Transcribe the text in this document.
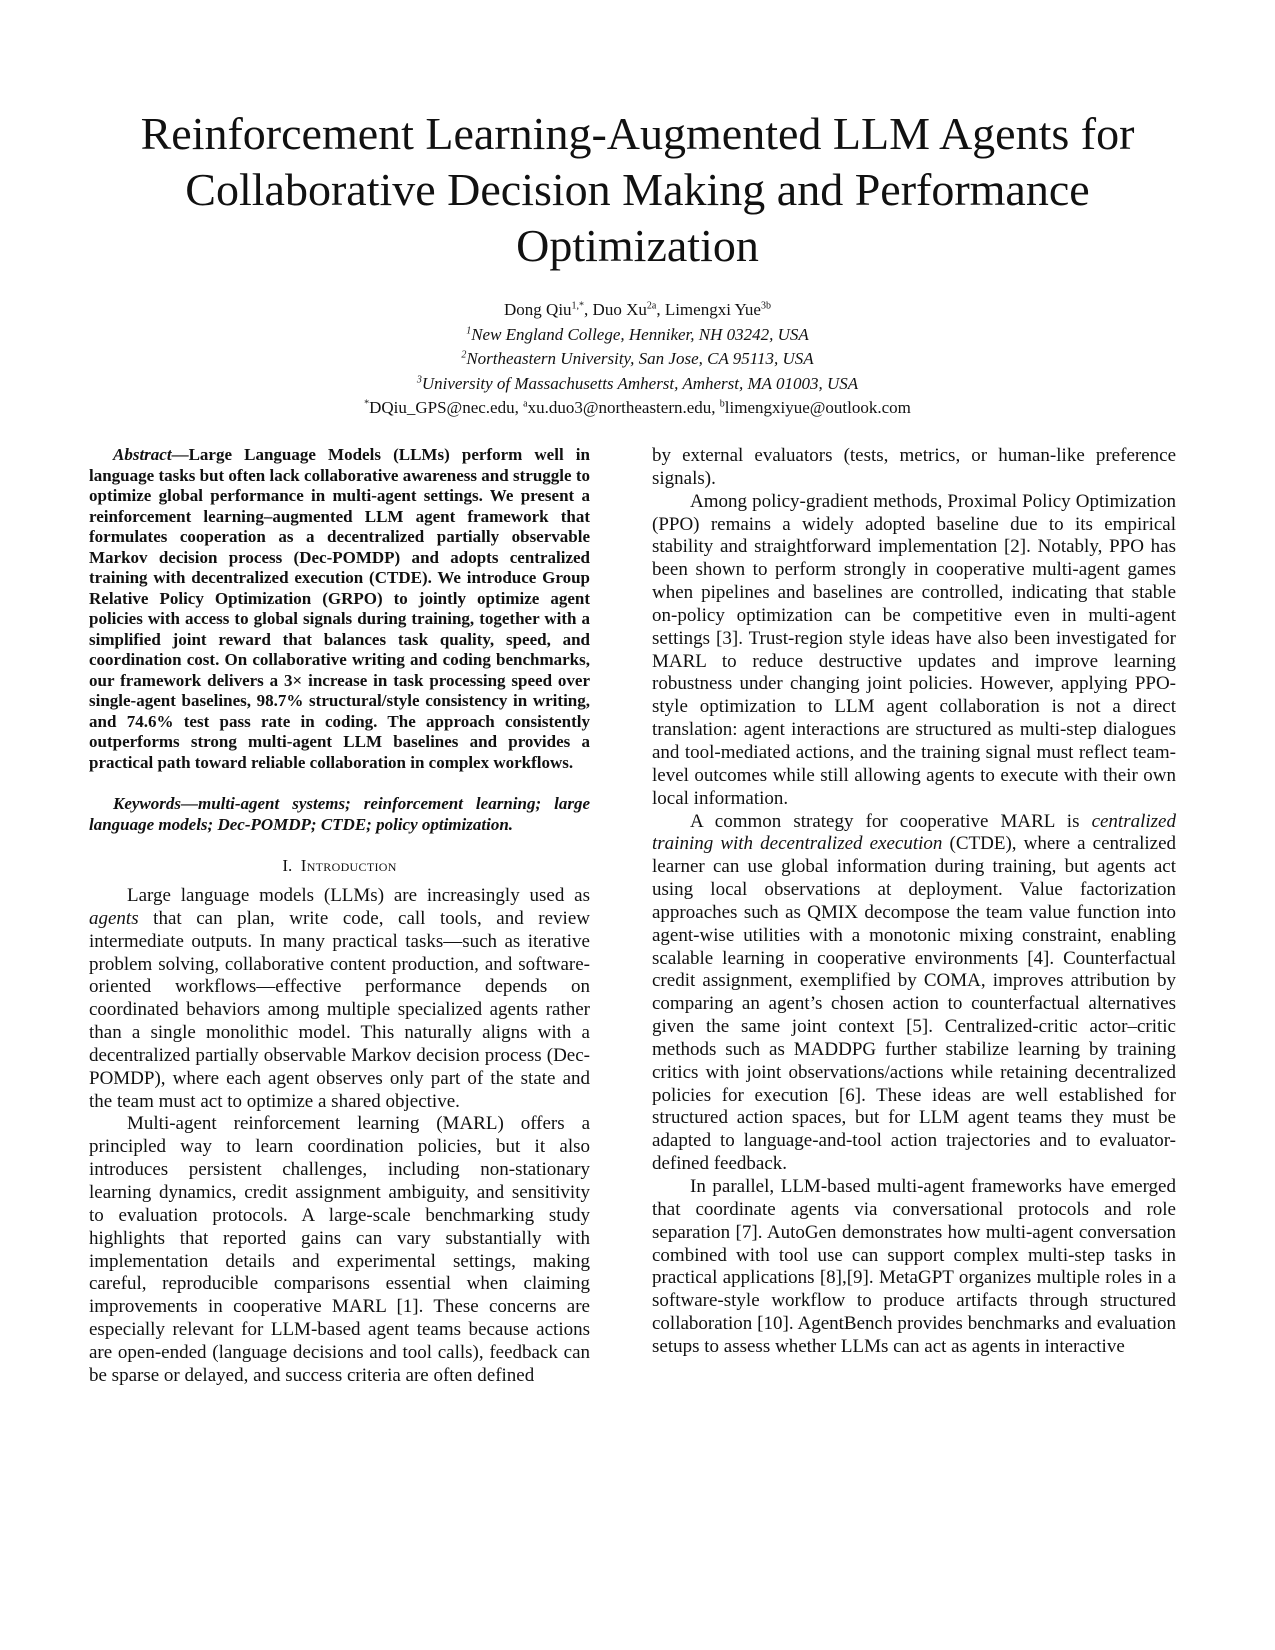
Reinforcement Learning-Augmented LLM Agents for Collaborative Decision Making and Performance Optimization
Dong Qiu$^{1,*}$, Duo $Xu^{2a}$, Limengxi Yue$^{3b}$
$^1$New England College, Henniker, NH 03242, USA
$^2$Northeastern University, San Jose, CA 95113, USA
$^3$University of Massachusetts Amherst, Amherst, MA 01003, USA
*DQiu_GPS@nec.edu, $^a$xu.duo3@northeastern.edu, $^b$limengxiyue@outlook.com

Abstract—Large Language Models (LLMs) perform well in language tasks but often lack collaborative awareness and struggle to optimize global performance in multi-agent settings. We present a reinforcement learning–augmented LLM agent framework that formulates cooperation as a decentralized partially observable Markov decision process (Dec-POMDP) and adopts centralized training with decentralized execution (CTDE). We introduce Group Relative Policy Optimization (GRPO) to jointly optimize agent policies with access to global signals during training, together with a simplified joint reward that balances task quality, speed, and coordination cost. On collaborative writing and coding benchmarks, our framework delivers a 3× increase in task processing speed over single-agent baselines, 98.7% structural/style consistency in writing, and 74.6% test pass rate in coding. The approach consistently outperforms strong multi-agent LLM baselines and provides a practical path toward reliable collaboration in complex workflows.

Keywords—multi-agent systems; reinforcement learning; large language models; Dec-POMDP; CTDE; policy optimization.

I. Introduction

Large language models (LLMs) are increasingly used as agents that can plan, write code, call tools, and review intermediate outputs. In many practical tasks—such as iterative problem solving, collaborative content production, and software-oriented workflows—effective performance depends on coordinated behaviors among multiple specialized agents rather than a single monolithic model. This naturally aligns with a decentralized partially observable Markov decision process (Dec-POMDP), where each agent observes only part of the state and the team must act to optimize a shared objective.

Multi-agent reinforcement learning (MARL) offers a principled way to learn coordination policies, but it also introduces persistent challenges, including non-stationary learning dynamics, credit assignment ambiguity, and sensitivity to evaluation protocols. A large-scale benchmarking study highlights that reported gains can vary substantially with implementation details and experimental settings, making careful, reproducible comparisons essential when claiming improvements in cooperative MARL [1]. These concerns are especially relevant for LLM-based agent teams because actions are open-ended (language decisions and tool calls), feedback can be sparse or delayed, and success criteria are often defined

by external evaluators (tests, metrics, or human-like preference signals).

Among policy-gradient methods, Proximal Policy Optimization (PPO) remains a widely adopted baseline due to its empirical stability and straightforward implementation [2]. Notably, PPO has been shown to perform strongly in cooperative multi-agent games when pipelines and baselines are controlled, indicating that stable on-policy optimization can be competitive even in multi-agent settings [3]. Trust-region style ideas have also been investigated for MARL to reduce destructive updates and improve learning robustness under changing joint policies. However, applying PPO-style optimization to LLM agent collaboration is not a direct translation: agent interactions are structured as multi-step dialogues and tool-mediated actions, and the training signal must reflect team-level outcomes while still allowing agents to execute with their own local information.

A common strategy for cooperative MARL is centralized training with decentralized execution (CTDE), where a centralized learner can use global information during training, but agents act using local observations at deployment. Value factorization approaches such as QMIX decompose the team value function into agent-wise utilities with a monotonic mixing constraint, enabling scalable learning in cooperative environments [4]. Counterfactual credit assignment, exemplified by COMA, improves attribution by comparing an agent’s chosen action to counterfactual alternatives given the same joint context [5]. Centralized-critic actor–critic methods such as MADDPG further stabilize learning by training critics with joint observations/actions while retaining decentralized policies for execution [6]. These ideas are well established for structured action spaces, but for LLM agent teams they must be adapted to language-and-tool action trajectories and to evaluator-defined feedback.

In parallel, LLM-based multi-agent frameworks have emerged that coordinate agents via conversational protocols and role separation [7]. AutoGen demonstrates how multi-agent conversation combined with tool use can support complex multi-step tasks in practical applications [8],[9]. MetaGPT organizes multiple roles in a software-style workflow to produce artifacts through structured collaboration [10]. AgentBench provides benchmarks and evaluation setups to assess whether LLMs can act as agents in interactive
